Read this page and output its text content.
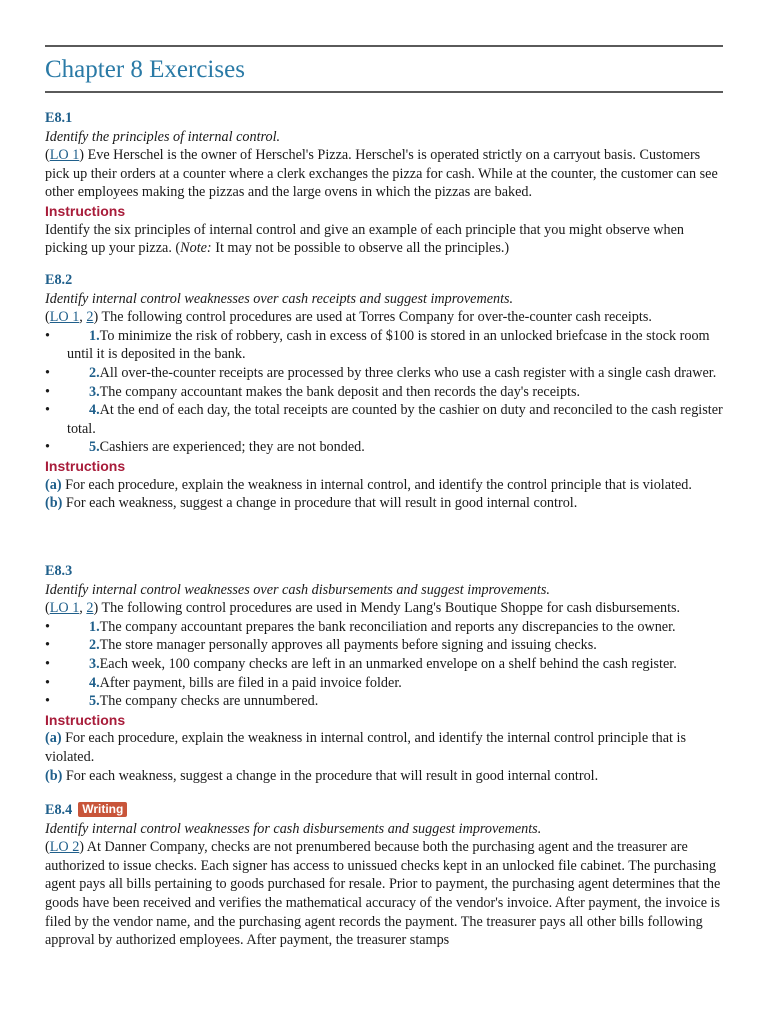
Chapter 8 Exercises
E8.1
Identify the principles of internal control.
(LO 1) Eve Herschel is the owner of Herschel's Pizza. Herschel's is operated strictly on a carryout basis. Customers pick up their orders at a counter where a clerk exchanges the pizza for cash. While at the counter, the customer can see other employees making the pizzas and the large ovens in which the pizzas are baked.
Instructions
Identify the six principles of internal control and give an example of each principle that you might observe when picking up your pizza. (Note: It may not be possible to observe all the principles.)
E8.2
Identify internal control weaknesses over cash receipts and suggest improvements.
(LO 1, 2) The following control procedures are used at Torres Company for over-the-counter cash receipts.
•	1.To minimize the risk of robbery, cash in excess of $100 is stored in an unlocked briefcase in the stock room until it is deposited in the bank.
•	2.All over-the-counter receipts are processed by three clerks who use a cash register with a single cash drawer.
•	3.The company accountant makes the bank deposit and then records the day's receipts.
•	4.At the end of each day, the total receipts are counted by the cashier on duty and reconciled to the cash register total.
•	5.Cashiers are experienced; they are not bonded.
Instructions
(a) For each procedure, explain the weakness in internal control, and identify the control principle that is violated.
(b) For each weakness, suggest a change in procedure that will result in good internal control.
E8.3
Identify internal control weaknesses over cash disbursements and suggest improvements.
(LO 1, 2) The following control procedures are used in Mendy Lang's Boutique Shoppe for cash disbursements.
•	1.The company accountant prepares the bank reconciliation and reports any discrepancies to the owner.
•	2.The store manager personally approves all payments before signing and issuing checks.
•	3.Each week, 100 company checks are left in an unmarked envelope on a shelf behind the cash register.
•	4.After payment, bills are filed in a paid invoice folder.
•	5.The company checks are unnumbered.
Instructions
(a) For each procedure, explain the weakness in internal control, and identify the internal control principle that is violated.
(b) For each weakness, suggest a change in the procedure that will result in good internal control.
E8.4 Writing
Identify internal control weaknesses for cash disbursements and suggest improvements.
(LO 2) At Danner Company, checks are not prenumbered because both the purchasing agent and the treasurer are authorized to issue checks. Each signer has access to unissued checks kept in an unlocked file cabinet. The purchasing agent pays all bills pertaining to goods purchased for resale. Prior to payment, the purchasing agent determines that the goods have been received and verifies the mathematical accuracy of the vendor's invoice. After payment, the invoice is filed by the vendor name, and the purchasing agent records the payment. The treasurer pays all other bills following approval by authorized employees. After payment, the treasurer stamps
